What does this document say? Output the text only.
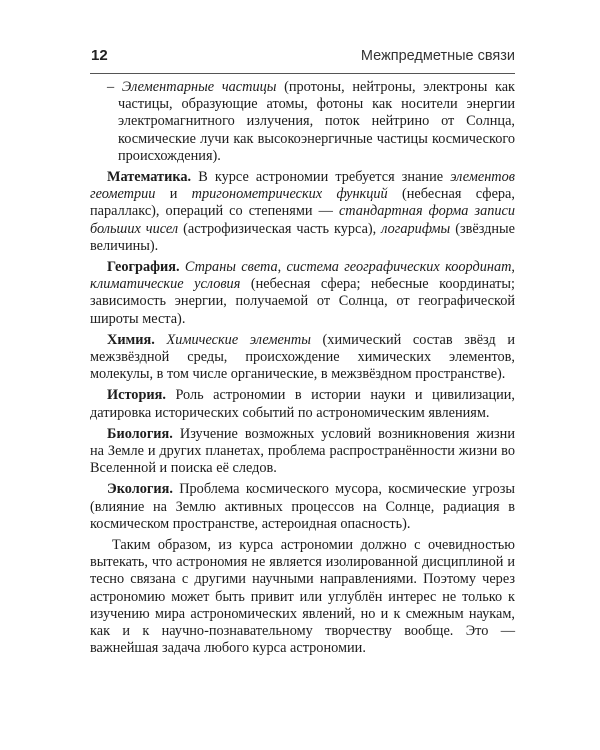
12	Межпредметные связи

– Элементарные частицы (протоны, нейтроны, электроны как частицы, образующие атомы, фотоны как носители энергии электромагнитного излучения, поток нейтрино от Солнца, космические лучи как высокоэнергичные частицы космического происхождения).

Математика. В курсе астрономии требуется знание элементов геометрии и тригонометрических функций (небесная сфера, параллакс), операций со степенями — стандартная форма записи больших чисел (астрофизическая часть курса), логарифмы (звёздные величины).

География. Страны света, система географических координат, климатические условия (небесная сфера; небесные координаты; зависимость энергии, получаемой от Солнца, от географической широты места).

Химия. Химические элементы (химический состав звёзд и межзвёздной среды, происхождение химических элементов, молекулы, в том числе органические, в межзвёздном пространстве).

История. Роль астрономии в истории науки и цивилизации, датировка исторических событий по астрономическим явлениям.

Биология. Изучение возможных условий возникновения жизни на Земле и других планетах, проблема распространённости жизни во Вселенной и поиска её следов.

Экология. Проблема космического мусора, космические угрозы (влияние на Землю активных процессов на Солнце, радиация в космическом пространстве, астероидная опасность).

Таким образом, из курса астрономии должно с очевидностью вытекать, что астрономия не является изолированной дисциплиной и тесно связана с другими научными направлениями. Поэтому через астрономию может быть привит или углублён интерес не только к изучению мира астрономических явлений, но и к смежным наукам, как и к научно-познавательному творчеству вообще. Это — важнейшая задача любого курса астрономии.
